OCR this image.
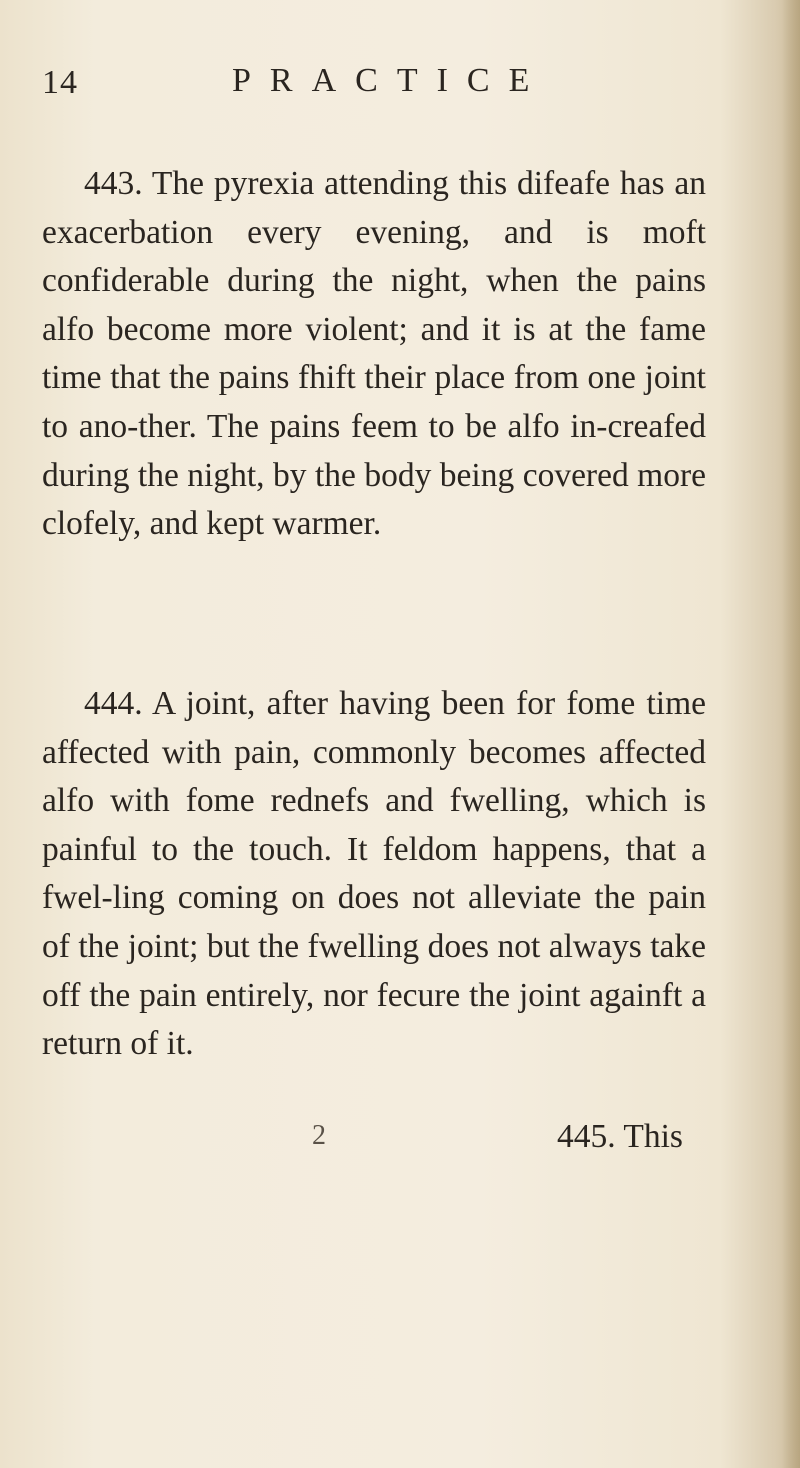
14	PRACTICE

443. The pyrexia attending this difeafe has an exacerbation every evening, and is moft confiderable during the night, when the pains alfo become more violent; and it is at the fame time that the pains fhift their place from one joint to ano-ther. The pains feem to be alfo in-creafed during the night, by the body being covered more clofely, and kept warmer.

444. A joint, after having been for fome time affected with pain, commonly becomes affected alfo with fome rednefs and fwelling, which is painful to the touch. It feldom happens, that a fwel-ling coming on does not alleviate the pain of the joint; but the fwelling does not always take off the pain entirely, nor fecure the joint againft a return of it.

2	445. This
